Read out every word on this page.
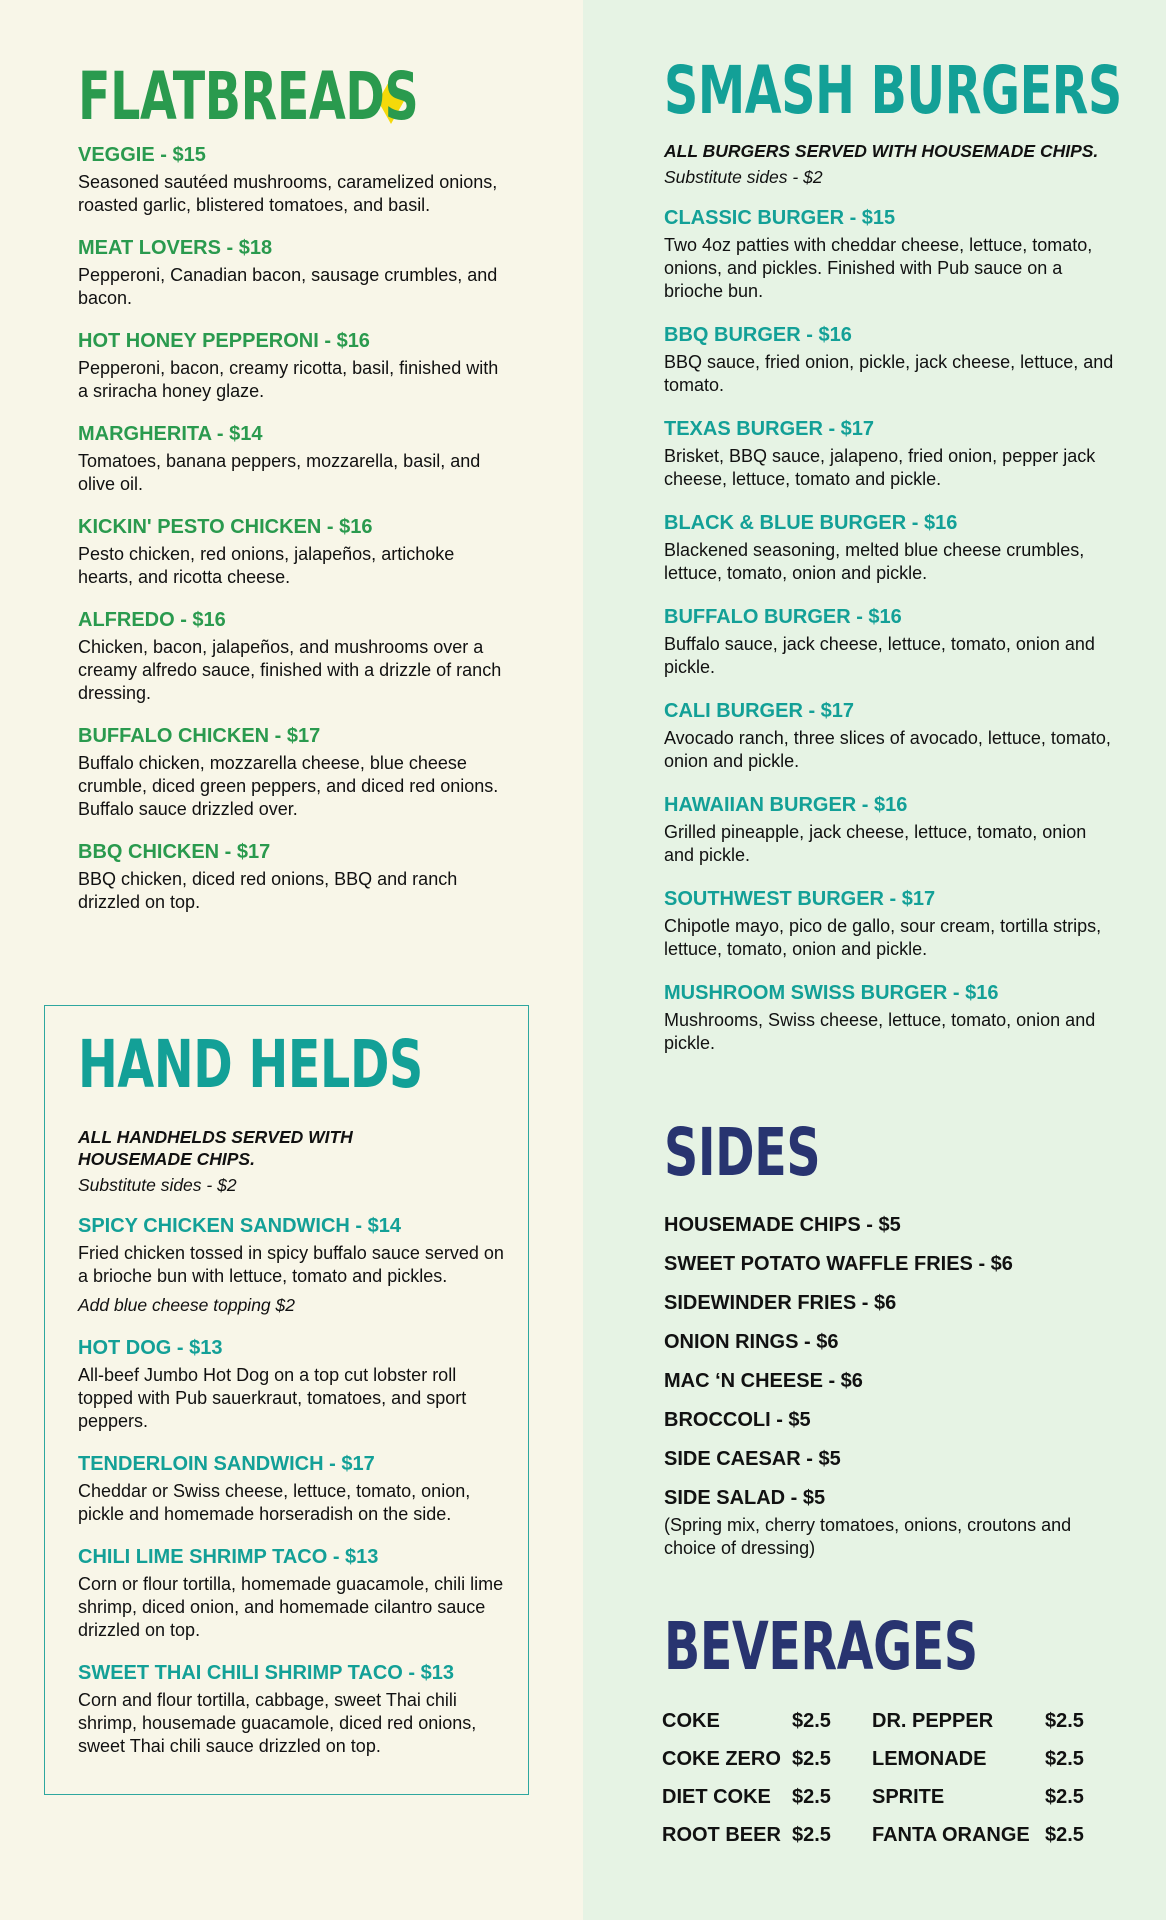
FLATBREADS

VEGGIE - $15

Seasoned sautéed mushrooms, caramelized onions, roasted garlic, blistered tomatoes, and basil.

MEAT LOVERS - $18

Pepperoni, Canadian bacon, sausage crumbles, and bacon.

HOT HONEY PEPPERONI - $16

Pepperoni, bacon, creamy ricotta, basil, finished with a sriracha honey glaze.

MARGHERITA - $14

Tomatoes, banana peppers, mozzarella, basil, and olive oil.

KICKIN' PESTO CHICKEN - $16

Pesto chicken, red onions, jalapeños, artichoke hearts, and ricotta cheese.

ALFREDO - $16

Chicken, bacon, jalapeños, and mushrooms over a creamy alfredo sauce, finished with a drizzle of ranch dressing.

BUFFALO CHICKEN - $17

Buffalo chicken, mozzarella cheese, blue cheese crumble, diced green peppers, and diced red onions. Buffalo sauce drizzled over.

BBQ CHICKEN - $17

BBQ chicken, diced red onions, BBQ and ranch drizzled on top.

HAND HELDS

ALL HANDHELDS SERVED WITH HOUSEMADE CHIPS.

Substitute sides - $2

SPICY CHICKEN SANDWICH - $14

Fried chicken tossed in spicy buffalo sauce served on a brioche bun with lettuce, tomato and pickles.

Add blue cheese topping $2

HOT DOG - $13

All-beef Jumbo Hot Dog on a top cut lobster roll topped with Pub sauerkraut, tomatoes, and sport peppers.

TENDERLOIN SANDWICH - $17

Cheddar or Swiss cheese, lettuce, tomato, onion, pickle and homemade horseradish on the side.

CHILI LIME SHRIMP TACO - $13

Corn or flour tortilla, homemade guacamole, chili lime shrimp, diced onion, and homemade cilantro sauce drizzled on top.

SWEET THAI CHILI SHRIMP TACO - $13

Corn and flour tortilla, cabbage, sweet Thai chili shrimp, housemade guacamole, diced red onions, sweet Thai chili sauce drizzled on top.

SMASH BURGERS

ALL BURGERS SERVED WITH HOUSEMADE CHIPS.

Substitute sides - $2

CLASSIC BURGER - $15

Two 4oz patties with cheddar cheese, lettuce, tomato, onions, and pickles. Finished with Pub sauce on a brioche bun.

BBQ BURGER - $16

BBQ sauce, fried onion, pickle, jack cheese, lettuce, and tomato.

TEXAS BURGER - $17

Brisket, BBQ sauce, jalapeno, fried onion, pepper jack cheese, lettuce, tomato and pickle.

BLACK & BLUE BURGER - $16

Blackened seasoning, melted blue cheese crumbles, lettuce, tomato, onion and pickle.

BUFFALO BURGER - $16

Buffalo sauce, jack cheese, lettuce, tomato, onion and pickle.

CALI BURGER - $17

Avocado ranch, three slices of avocado, lettuce, tomato, onion and pickle.

HAWAIIAN BURGER - $16

Grilled pineapple, jack cheese, lettuce, tomato, onion and pickle.

SOUTHWEST BURGER - $17

Chipotle mayo, pico de gallo, sour cream, tortilla strips, lettuce, tomato, onion and pickle.

MUSHROOM SWISS BURGER - $16

Mushrooms, Swiss cheese, lettuce, tomato, onion and pickle.

SIDES

HOUSEMADE CHIPS - $5

SWEET POTATO WAFFLE FRIES - $6

SIDEWINDER FRIES - $6

ONION RINGS - $6

MAC ‘N CHEESE - $6

BROCCOLI - $5

SIDE CAESAR - $5

SIDE SALAD - $5

(Spring mix, cherry tomatoes, onions, croutons and choice of dressing)

BEVERAGES
COKE	$2.5 DR. PEPPER	$2.5
COKE ZERO $2.5 LEMONADE	$2.5
DIET COKE $2.5 SPRITE	$2.5
ROOT BEER $2.5 FANTA ORANGE $2.5
